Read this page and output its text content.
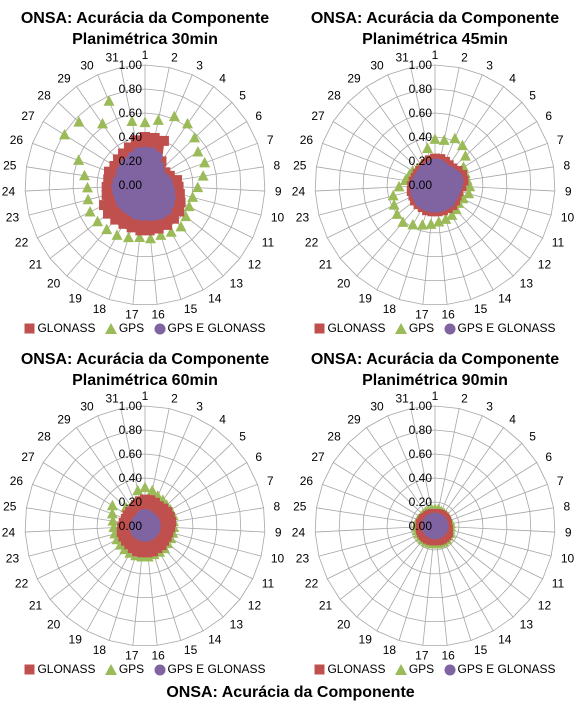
ONSA: Acurácia da Componente
Planimétrica 30min
0.00
0.20
0.40
0.60
0.80
1.00
1 2
3
4
5
6
7
8
9
10
11
12
13
14
15
16
17
18
19
20
21
22
23
24
25
26
27
28
29
30
31
GLONASS GPS GPS E GLONASS
ONSA: Acurácia da Componente
Planimétrica 45min
0.00
0.20
0.40
0.60
0.80
1.00
1 2
3
4
5
6
7
8
9
10
11
12
13
14
15
16
17
18
19
20
21
22
23
24
25
26
27
28
29
30
31
GLONASS GPS GPS E GLONASS
ONSA: Acurácia da Componente
Planimétrica 60min
0.00
0.20
0.40
0.60
0.80
1.00
1 2
3
4
5
6
7
8
9
10
11
12
13
14
15
16
17
18
19
20
21
22
23
24
25
26
27
28
29
30
31
GLONASS GPS GPS E GLONASS
ONSA: Acurácia da Componente
Planimétrica 90min
0.00
0.20
0.40
0.60
0.80
1.00
1 2
3
4
5
6
7
8
9
10
11
12
13
14
15
16
17
18
19
20
21
22
23
24
25
26
27
28
29
30
31
GLONASS GPS GPS E GLONASS
ONSA: Acurácia da Componente
